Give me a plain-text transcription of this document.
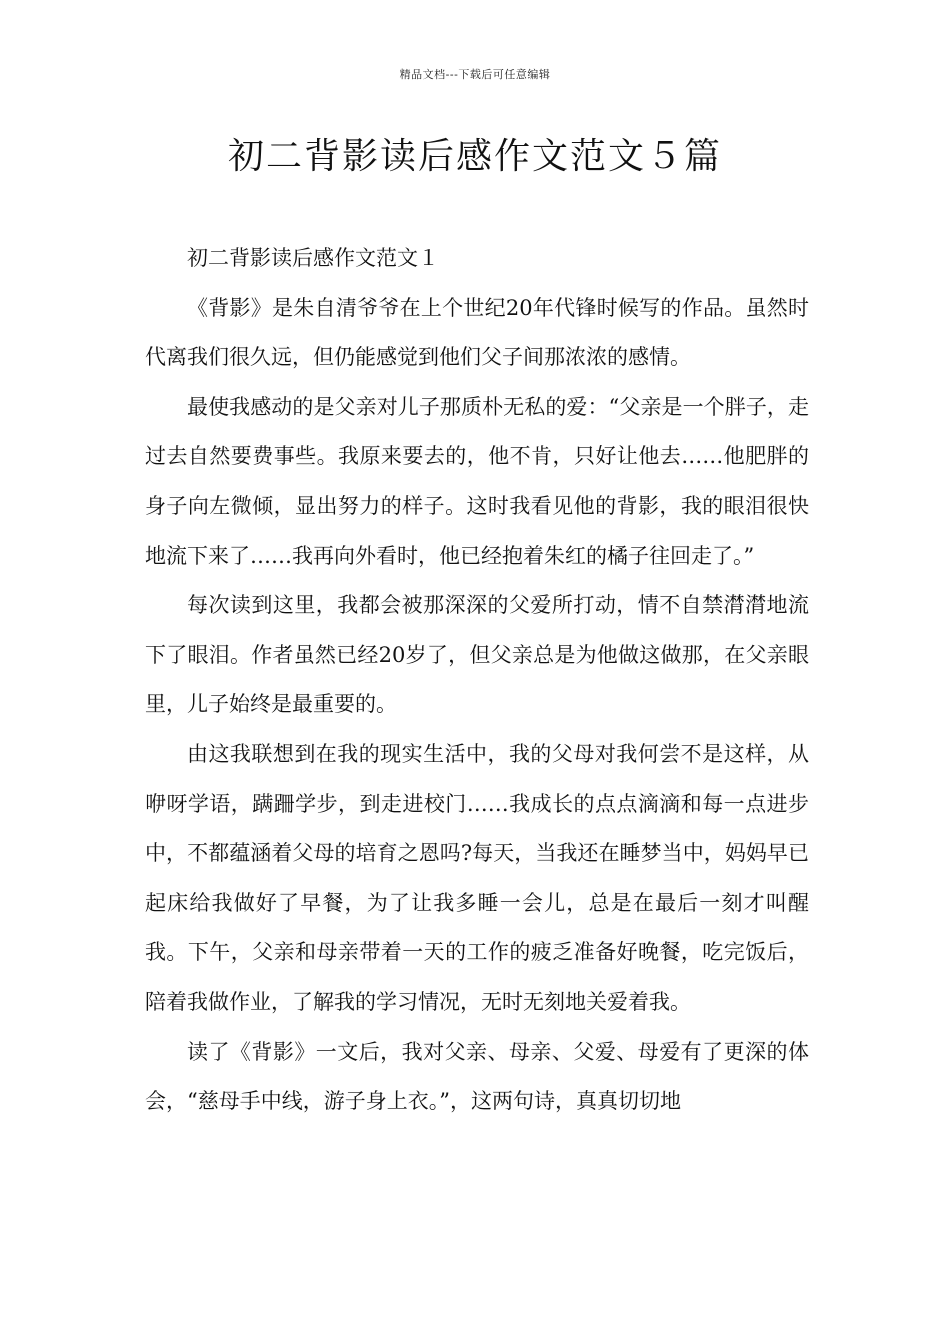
精品文档---下载后可任意编辑
初二背影读后感作文范文５篇

初二背影读后感作文范文１

《背影》是朱自清爷爷在上个世纪20年代锋时候写的作品。虽然时代离我们很久远，但仍能感觉到他们父子间那浓浓的感情。

最使我感动的是父亲对儿子那质朴无私的爱：“父亲是一个胖子，走过去自然要费事些。我原来要去的，他不肯，只好让他去……他肥胖的身子向左微倾，显出努力的样子。这时我看见他的背影，我的眼泪很快地流下来了……我再向外看时，他已经抱着朱红的橘子往回走了。”

每次读到这里，我都会被那深深的父爱所打动，情不自禁潸潸地流下了眼泪。作者虽然已经20岁了，但父亲总是为他做这做那，在父亲眼里，儿子始终是最重要的。

由这我联想到在我的现实生活中，我的父母对我何尝不是这样，从咿呀学语，蹒跚学步，到走进校门……我成长的点点滴滴和每一点进步中，不都蕴涵着父母的培育之恩吗?每天，当我还在睡梦当中，妈妈早已起床给我做好了早餐，为了让我多睡一会儿，总是在最后一刻才叫醒我。下午，父亲和母亲带着一天的工作的疲乏准备好晚餐，吃完饭后，陪着我做作业，了解我的学习情况，无时无刻地关爱着我。

读了《背影》一文后，我对父亲、母亲、父爱、母爱有了更深的体会，“慈母手中线，游子身上衣。”，这两句诗，真真切切地
